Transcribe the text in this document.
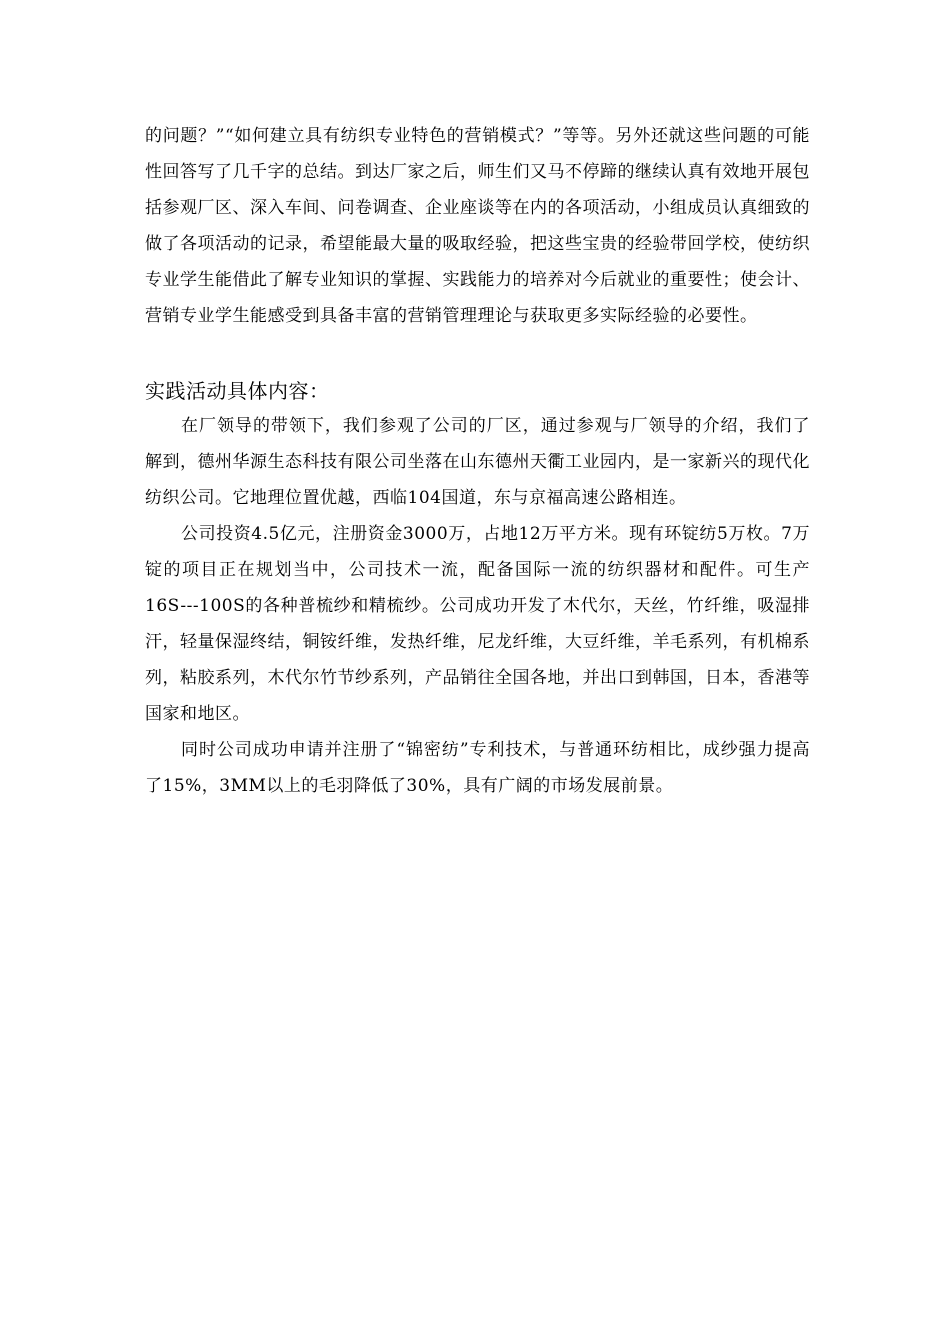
的问题？”“如何建立具有纺织专业特色的营销模式？”等等。另外还就这些问题的可能性回答写了几千字的总结。到达厂家之后，师生们又马不停蹄的继续认真有效地开展包括参观厂区、深入车间、问卷调查、企业座谈等在内的各项活动，小组成员认真细致的做了各项活动的记录，希望能最大量的吸取经验，把这些宝贵的经验带回学校，使纺织专业学生能借此了解专业知识的掌握、实践能力的培养对今后就业的重要性；使会计、营销专业学生能感受到具备丰富的营销管理理论与获取更多实际经验的必要性。

实践活动具体内容：

在厂领导的带领下，我们参观了公司的厂区，通过参观与厂领导的介绍，我们了解到，德州华源生态科技有限公司坐落在山东德州天衢工业园内，是一家新兴的现代化纺织公司。它地理位置优越，西临104国道，东与京福高速公路相连。

公司投资4.5亿元，注册资金3000万，占地12万平方米。现有环锭纺5万枚。7万锭的项目正在规划当中，公司技术一流，配备国际一流的纺织器材和配件。可生产16S---100S的各种普梳纱和精梳纱。公司成功开发了木代尔，天丝，竹纤维，吸湿排汗，轻量保湿终结，铜铵纤维，发热纤维，尼龙纤维，大豆纤维，羊毛系列，有机棉系列，粘胶系列，木代尔竹节纱系列，产品销往全国各地，并出口到韩国，日本，香港等国家和地区。

同时公司成功申请并注册了“锦密纺”专利技术，与普通环纺相比，成纱强力提高了15%，3MM以上的毛羽降低了30%，具有广阔的市场发展前景。
